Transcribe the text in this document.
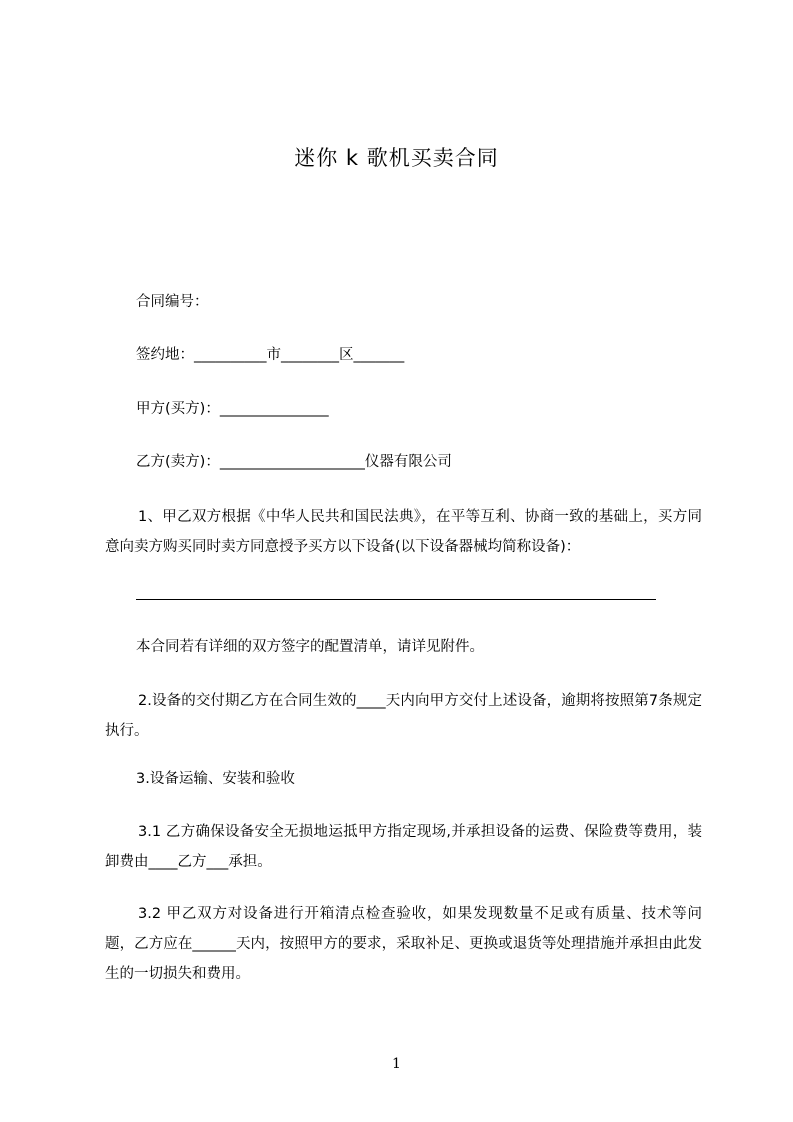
迷你 k 歌机买卖合同
合同编号：
签约地：__________市________区_______
甲方(买方)：_______________
乙方(卖方)：____________________仪器有限公司
1、甲乙双方根据《中华人民共和国民法典》，在平等互利、协商一致的基础上，买方同意向卖方购买同时卖方同意授予买方以下设备(以下设备器械均简称设备)：
本合同若有详细的双方签字的配置清单，请详见附件。
2.设备的交付期乙方在合同生效的____天内向甲方交付上述设备，逾期将按照第7条规定执行。
3.设备运输、安装和验收
3.1 乙方确保设备安全无损地运抵甲方指定现场,并承担设备的运费、保险费等费用，装卸费由____乙方___承担。
3.2 甲乙双方对设备进行开箱清点检查验收，如果发现数量不足或有质量、技术等问题，乙方应在______天内，按照甲方的要求，采取补足、更换或退货等处理措施并承担由此发生的一切损失和费用。
1
